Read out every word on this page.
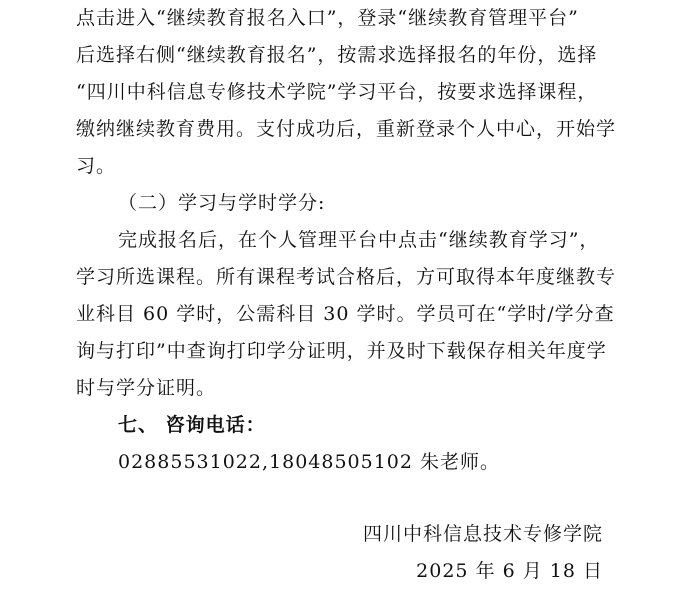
点击进入“继续教育报名入口”，登录“继续教育管理平台”
后选择右侧“继续教育报名”，按需求选择报名的年份，选择
“四川中科信息专修技术学院”学习平台，按要求选择课程，
缴纳继续教育费用。支付成功后，重新登录个人中心，开始学
习。
（二）学习与学时学分:
完成报名后，在个人管理平台中点击“继续教育学习”，
学习所选课程。所有课程考试合格后，方可取得本年度继教专
业科目 60 学时，公需科目 30 学时。学员可在“学时/学分查
询与打印”中查询打印学分证明，并及时下载保存相关年度学
时与学分证明。
七、 咨询电话：
02885531022,18048505102 朱老师。
四川中科信息技术专修学院
2025 年 6 月 18 日
